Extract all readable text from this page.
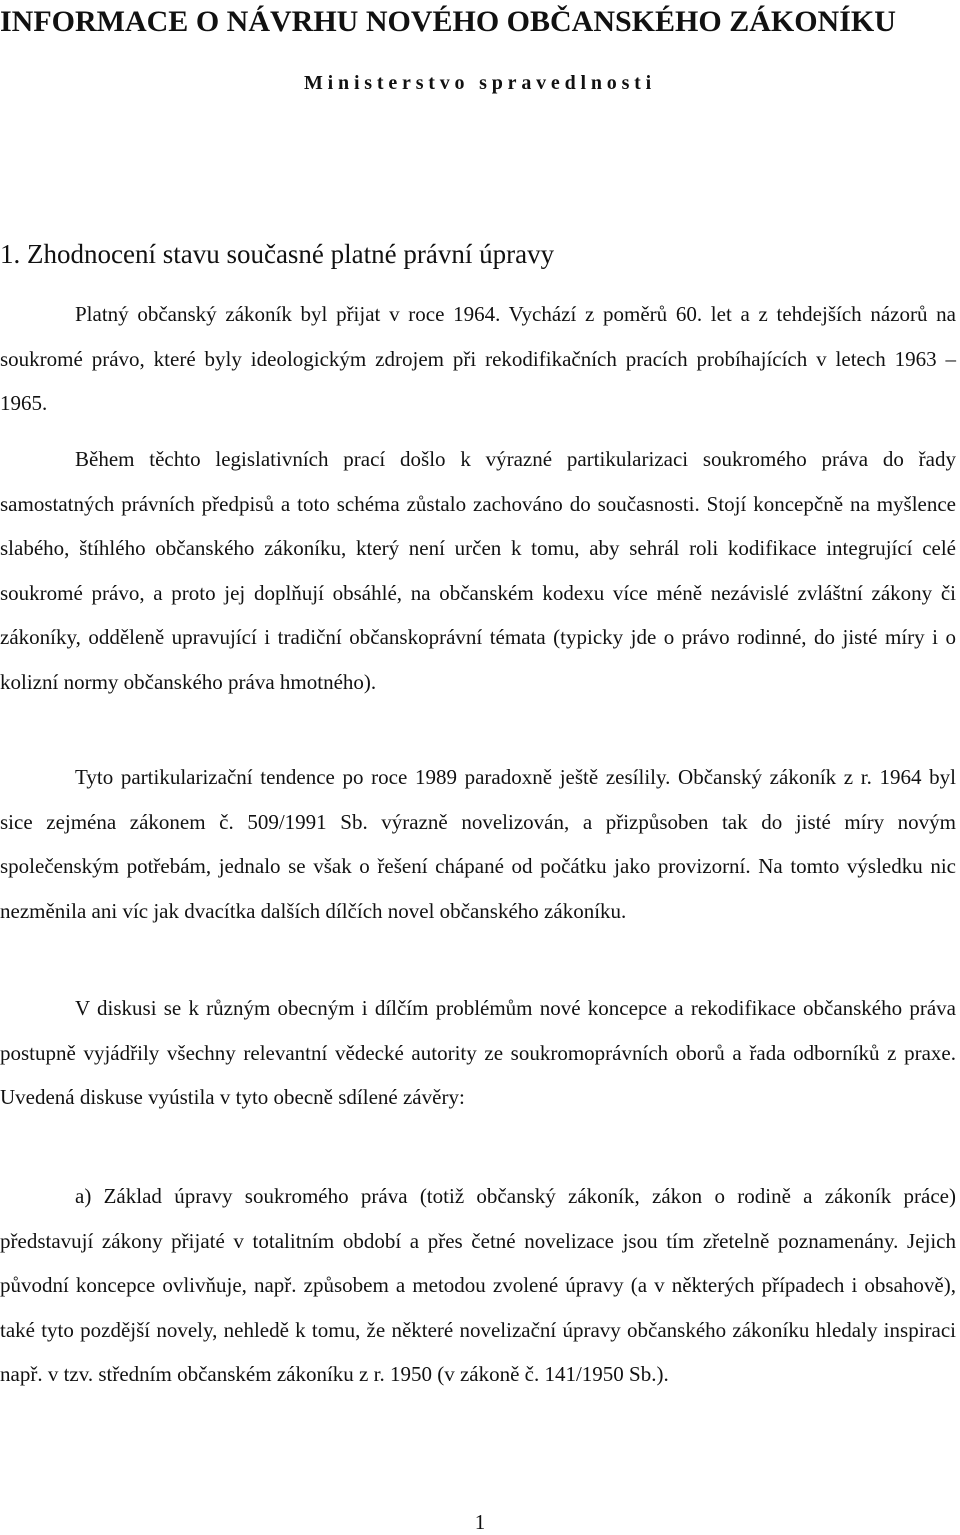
INFORMACE O NÁVRHU NOVÉHO OBČANSKÉHO ZÁKONÍKU
Ministerstvo spravedlnosti
1. Zhodnocení stavu současné platné právní úpravy

Platný občanský zákoník byl přijat v roce 1964. Vychází z poměrů 60. let a z tehdejších názorů na soukromé právo, které byly ideologickým zdrojem při rekodifikačních pracích probíhajících v letech 1963 – 1965.

Během těchto legislativních prací došlo k výrazné partikularizaci soukromého práva do řady samostatných právních předpisů a toto schéma zůstalo zachováno do současnosti. Stojí koncepčně na myšlence slabého, štíhlého občanského zákoníku, který není určen k tomu, aby sehrál roli kodifikace integrující celé soukromé právo, a proto jej doplňují obsáhlé, na občanském kodexu více méně nezávislé zvláštní zákony či zákoníky, odděleně upravující i tradiční občanskoprávní témata (typicky jde o právo rodinné, do jisté míry i o kolizní normy občanského práva hmotného).

Tyto partikularizační tendence po roce 1989 paradoxně ještě zesílily. Občanský zákoník z r. 1964 byl sice zejména zákonem č. 509/1991 Sb. výrazně novelizován, a přizpůsoben tak do jisté míry novým společenským potřebám, jednalo se však o řešení chápané od počátku jako provizorní. Na tomto výsledku nic nezměnila ani víc jak dvacítka dalších dílčích novel občanského zákoníku.

V diskusi se k různým obecným i dílčím problémům nové koncepce a rekodifikace občanského práva postupně vyjádřily všechny relevantní vědecké autority ze soukromoprávních oborů a řada odborníků z praxe. Uvedená diskuse vyústila v tyto obecně sdílené závěry:

a) Základ úpravy soukromého práva (totiž občanský zákoník, zákon o rodině a zákoník práce) představují zákony přijaté v totalitním období a přes četné novelizace jsou tím zřetelně poznamenány. Jejich původní koncepce ovlivňuje, např. způsobem a metodou zvolené úpravy (a v některých případech i obsahově), také tyto pozdější novely, nehledě k tomu, že některé novelizační úpravy občanského zákoníku hledaly inspiraci např. v tzv. středním občanském zákoníku z r. 1950 (v zákoně č. 141/1950 Sb.).

1
